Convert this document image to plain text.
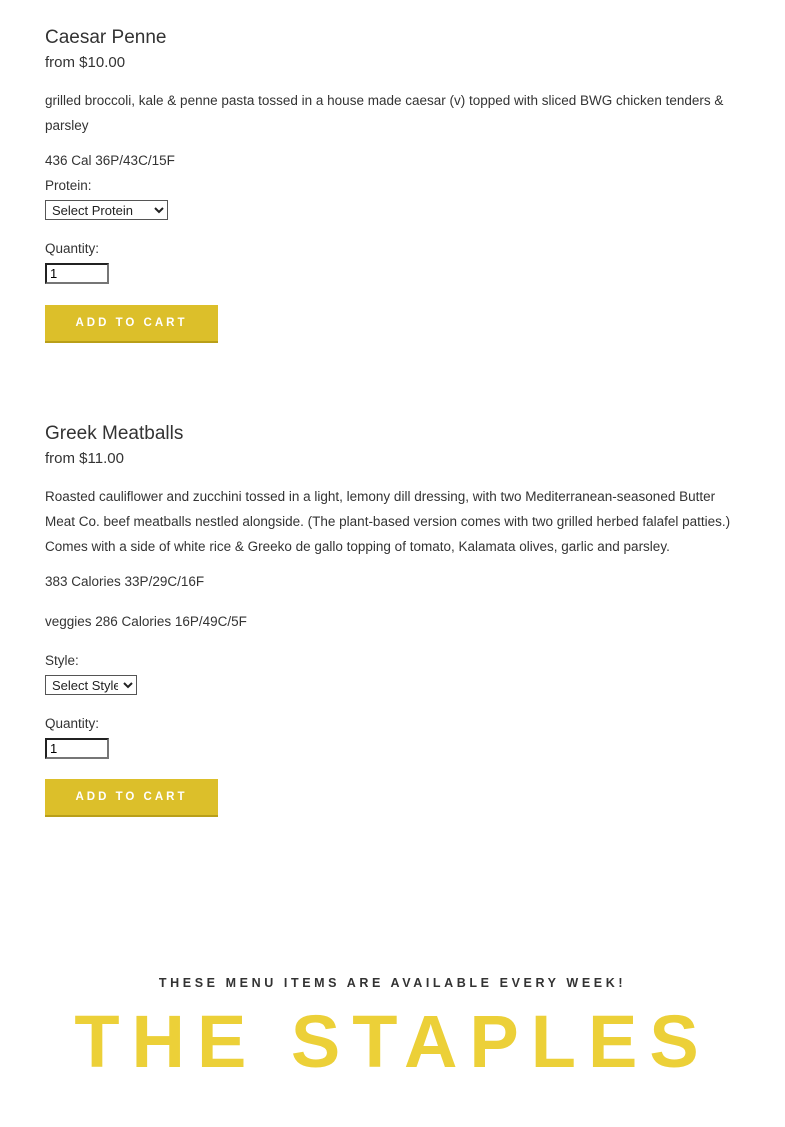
Caesar Penne
from $10.00
grilled broccoli, kale & penne pasta tossed in a house made caesar (v) topped with sliced BWG chicken tenders & parsley
436 Cal 36P/43C/15F
Protein:
Select Protein
Quantity:
1
ADD TO CART
Greek Meatballs
from $11.00
Roasted cauliflower and zucchini tossed in a light, lemony dill dressing, with two Mediterranean-seasoned Butter Meat Co. beef meatballs nestled alongside. (The plant-based version comes with two grilled herbed falafel patties.) Comes with a side of white rice & Greeko de gallo topping of tomato, Kalamata olives, garlic and parsley.
383 Calories 33P/29C/16F
veggies 286 Calories 16P/49C/5F
Style:
Select Style
Quantity:
1
ADD TO CART
THESE MENU ITEMS ARE AVAILABLE EVERY WEEK!
THE STAPLES
